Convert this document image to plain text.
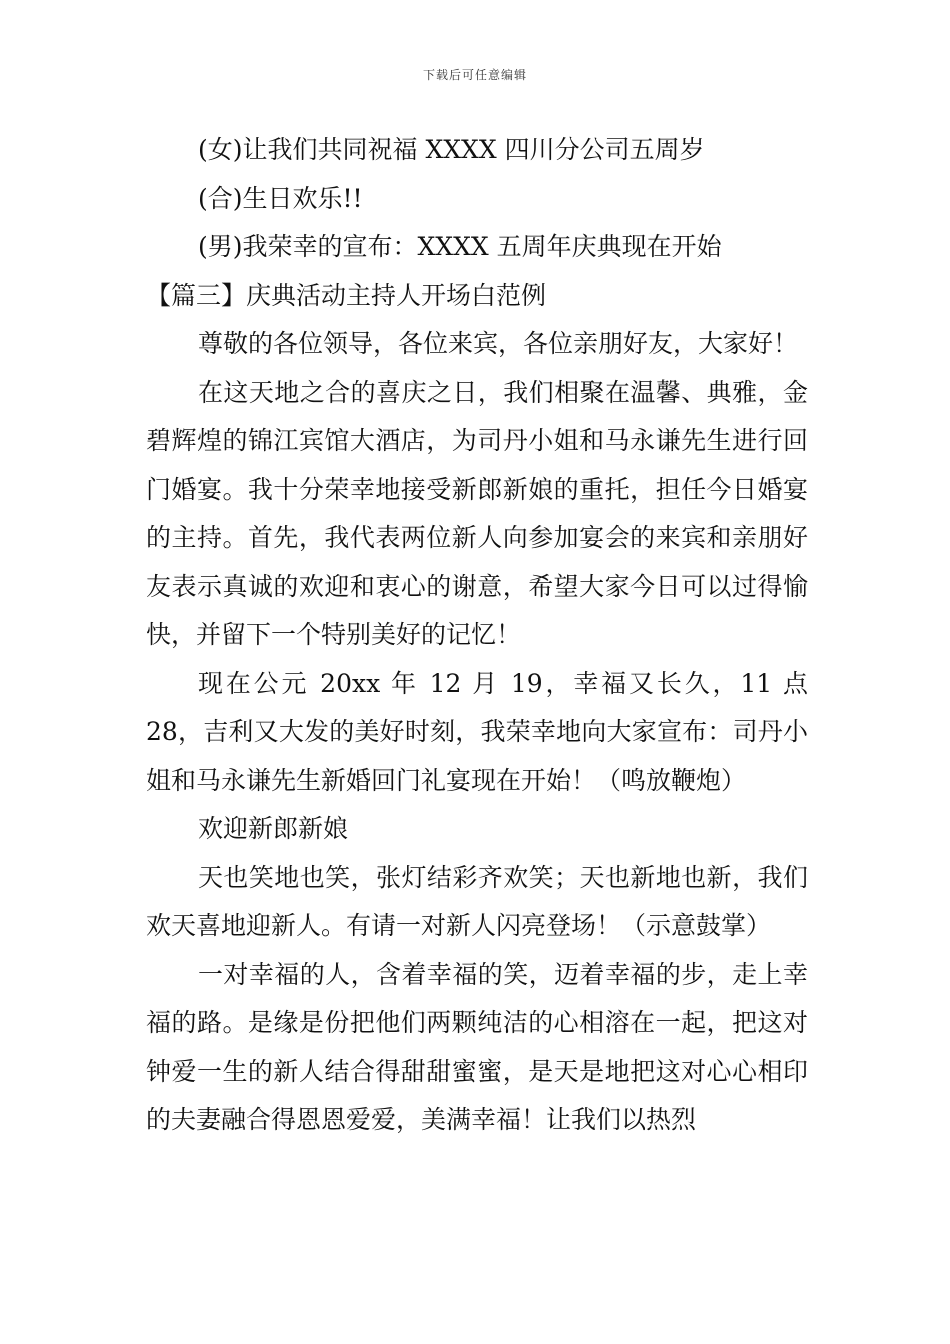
下载后可任意编辑

(女)让我们共同祝福 XXXX 四川分公司五周岁

(合)生日欢乐!!

(男)我荣幸的宣布：XXXX 五周年庆典现在开始

【篇三】庆典活动主持人开场白范例

尊敬的各位领导，各位来宾，各位亲朋好友，大家好！

在这天地之合的喜庆之日，我们相聚在温馨、典雅，金碧辉煌的锦江宾馆大酒店，为司丹小姐和马永谦先生进行回门婚宴。我十分荣幸地接受新郎新娘的重托，担任今日婚宴的主持。首先，我代表两位新人向参加宴会的来宾和亲朋好友表示真诚的欢迎和衷心的谢意，希望大家今日可以过得愉快，并留下一个特别美好的记忆！

现在公元 20xx 年 12 月 19，幸福又长久，11 点 28，吉利又大发的美好时刻，我荣幸地向大家宣布：司丹小姐和马永谦先生新婚回门礼宴现在开始！（鸣放鞭炮）

欢迎新郎新娘

天也笑地也笑，张灯结彩齐欢笑；天也新地也新，我们欢天喜地迎新人。有请一对新人闪亮登场！（示意鼓掌）

一对幸福的人，含着幸福的笑，迈着幸福的步，走上幸福的路。是缘是份把他们两颗纯洁的心相溶在一起，把这对钟爱一生的新人结合得甜甜蜜蜜，是天是地把这对心心相印的夫妻融合得恩恩爱爱，美满幸福！让我们以热烈
